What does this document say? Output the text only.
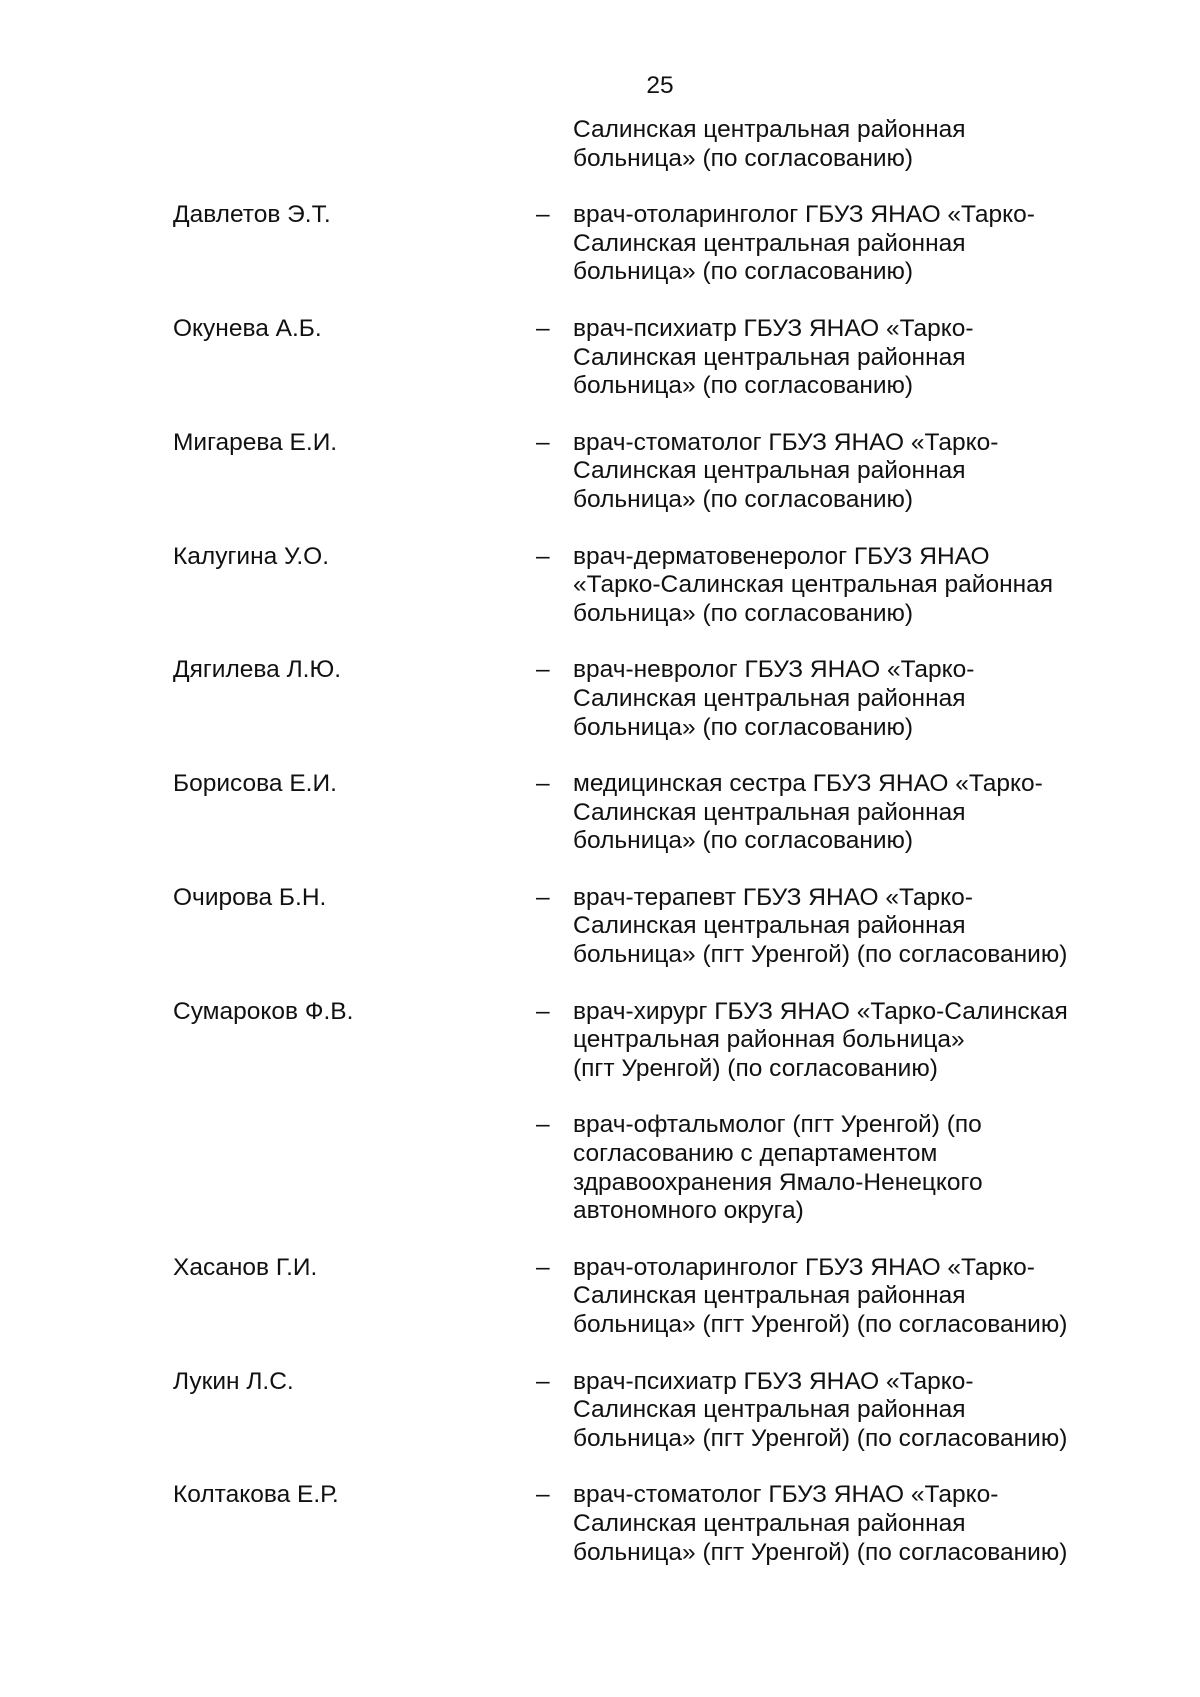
25
Салинская центральная районная
больница» (по согласованию)
Давлетов Э.Т.	– врач-отоларинголог ГБУЗ ЯНАО «Тарко-
Салинская центральная районная
больница» (по согласованию)
Окунева А.Б.	– врач-психиатр ГБУЗ ЯНАО «Тарко-
Салинская центральная районная
больница» (по согласованию)
Мигарева Е.И.	– врач-стоматолог ГБУЗ ЯНАО «Тарко-
Салинская центральная районная
больница» (по согласованию)
Калугина У.О.	– врач-дерматовенеролог ГБУЗ ЯНАО
«Тарко-Салинская центральная районная
больница» (по согласованию)
Дягилева Л.Ю.	– врач-невролог ГБУЗ ЯНАО «Тарко-
Салинская центральная районная
больница» (по согласованию)
Борисова Е.И.	– медицинская сестра ГБУЗ ЯНАО «Тарко-
Салинская центральная районная
больница» (по согласованию)
Очирова Б.Н.	– врач-терапевт ГБУЗ ЯНАО «Тарко-
Салинская центральная районная
больница» (пгт Уренгой) (по согласованию)
Сумароков Ф.В.	– врач-хирург ГБУЗ ЯНАО «Тарко-Салинская
центральная районная больница»
(пгт Уренгой) (по согласованию)
– врач-офтальмолог (пгт Уренгой) (по
согласованию с департаментом
здравоохранения Ямало-Ненецкого
автономного округа)
Хасанов Г.И.	– врач-отоларинголог ГБУЗ ЯНАО «Тарко-
Салинская центральная районная
больница» (пгт Уренгой) (по согласованию)
Лукин Л.С.	– врач-психиатр ГБУЗ ЯНАО «Тарко-
Салинская центральная районная
больница» (пгт Уренгой) (по согласованию)
Колтакова Е.Р.	– врач-стоматолог ГБУЗ ЯНАО «Тарко-
Салинская центральная районная
больница» (пгт Уренгой) (по согласованию)
